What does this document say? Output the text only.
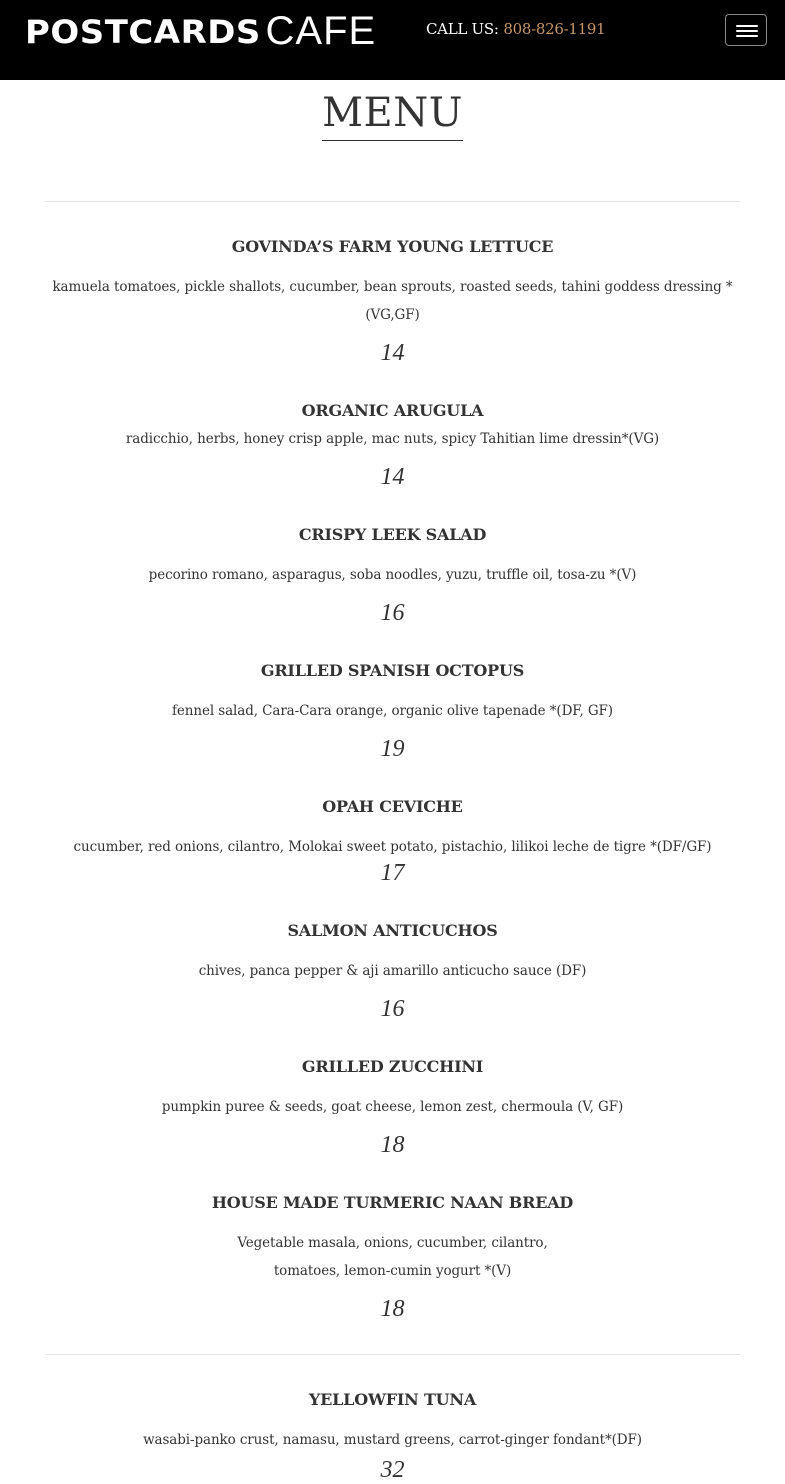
POSTCARDS CAFE	CALL US: 808-826-1191
MENU
GOVINDA’S FARM YOUNG LETTUCE

kamuela tomatoes, pickle shallots, cucumber, bean sprouts, roasted seeds, tahini goddess dressing *

(VG,GF)

14

ORGANIC ARUGULA

radicchio, herbs, honey crisp apple, mac nuts, spicy Tahitian lime dressin*(VG)

14

CRISPY LEEK SALAD

pecorino romano, asparagus, soba noodles, yuzu, truffle oil, tosa-zu *(V)

16

GRILLED SPANISH OCTOPUS

fennel salad, Cara-Cara orange, organic olive tapenade *(DF, GF)

19

OPAH CEVICHE

cucumber, red onions, cilantro, Molokai sweet potato, pistachio, lilikoi leche de tigre *(DF/GF)

17

SALMON ANTICUCHOS

chives, panca pepper & aji amarillo anticucho sauce (DF)

16

GRILLED ZUCCHINI

pumpkin puree & seeds, goat cheese, lemon zest, chermoula (V, GF)

18

HOUSE MADE TURMERIC NAAN BREAD

Vegetable masala, onions, cucumber, cilantro,

tomatoes, lemon-cumin yogurt *(V)

18

YELLOWFIN TUNA

wasabi-panko crust, namasu, mustard greens, carrot-ginger fondant*(DF)

32
